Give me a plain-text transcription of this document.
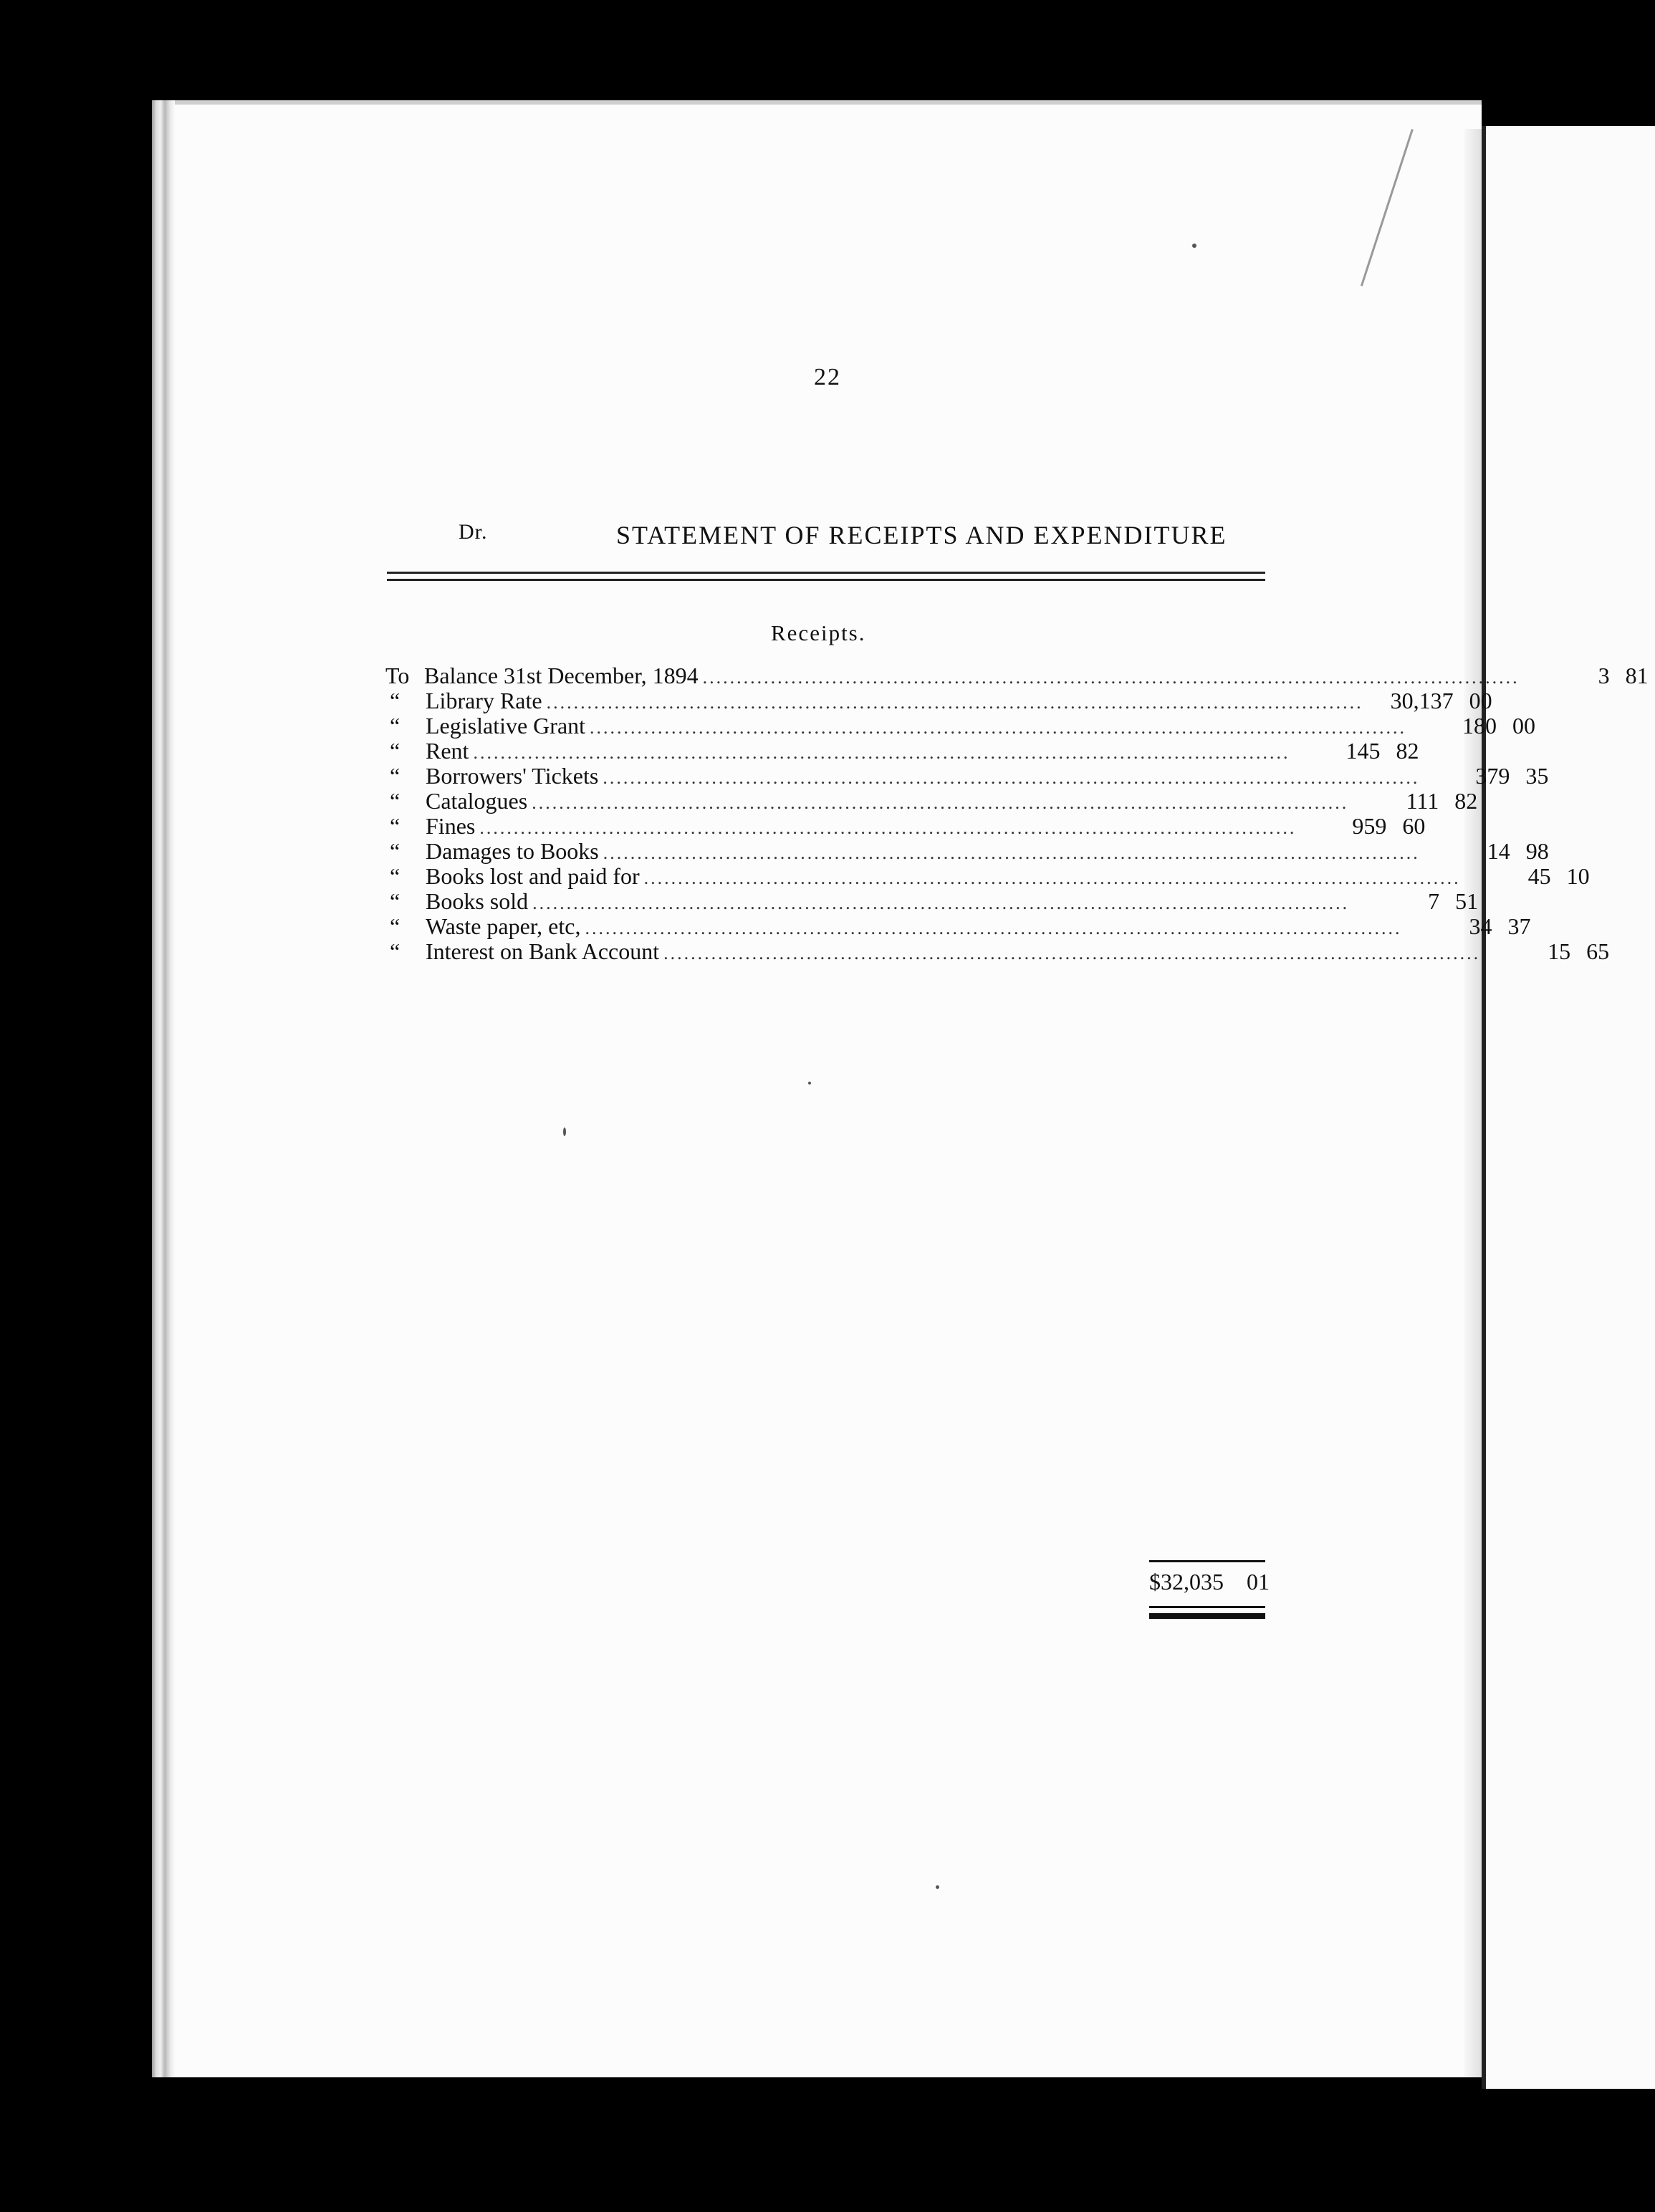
22
Dr.	STATEMENT OF RECEIPTS AND EXPENDITURE
Receipts.
To Balance 31st December, 1894 ........................................................................................................................	3 81
“	Library Rate ........................................................................................................................	30,137 00
“	Legislative Grant ........................................................................................................................	180 00
“	Rent ........................................................................................................................	145 82
“	Borrowers' Tickets ........................................................................................................................	379 35
“	Catalogues ........................................................................................................................	111 82
“	Fines ........................................................................................................................	959 60
“	Damages to Books ........................................................................................................................	14 98
“	Books lost and paid for ........................................................................................................................	45 10
“	Books sold ........................................................................................................................	7 51
“	Waste paper, etc, ........................................................................................................................	34 37
“	Interest on Bank Account ........................................................................................................................	15 65
$32,035 01
